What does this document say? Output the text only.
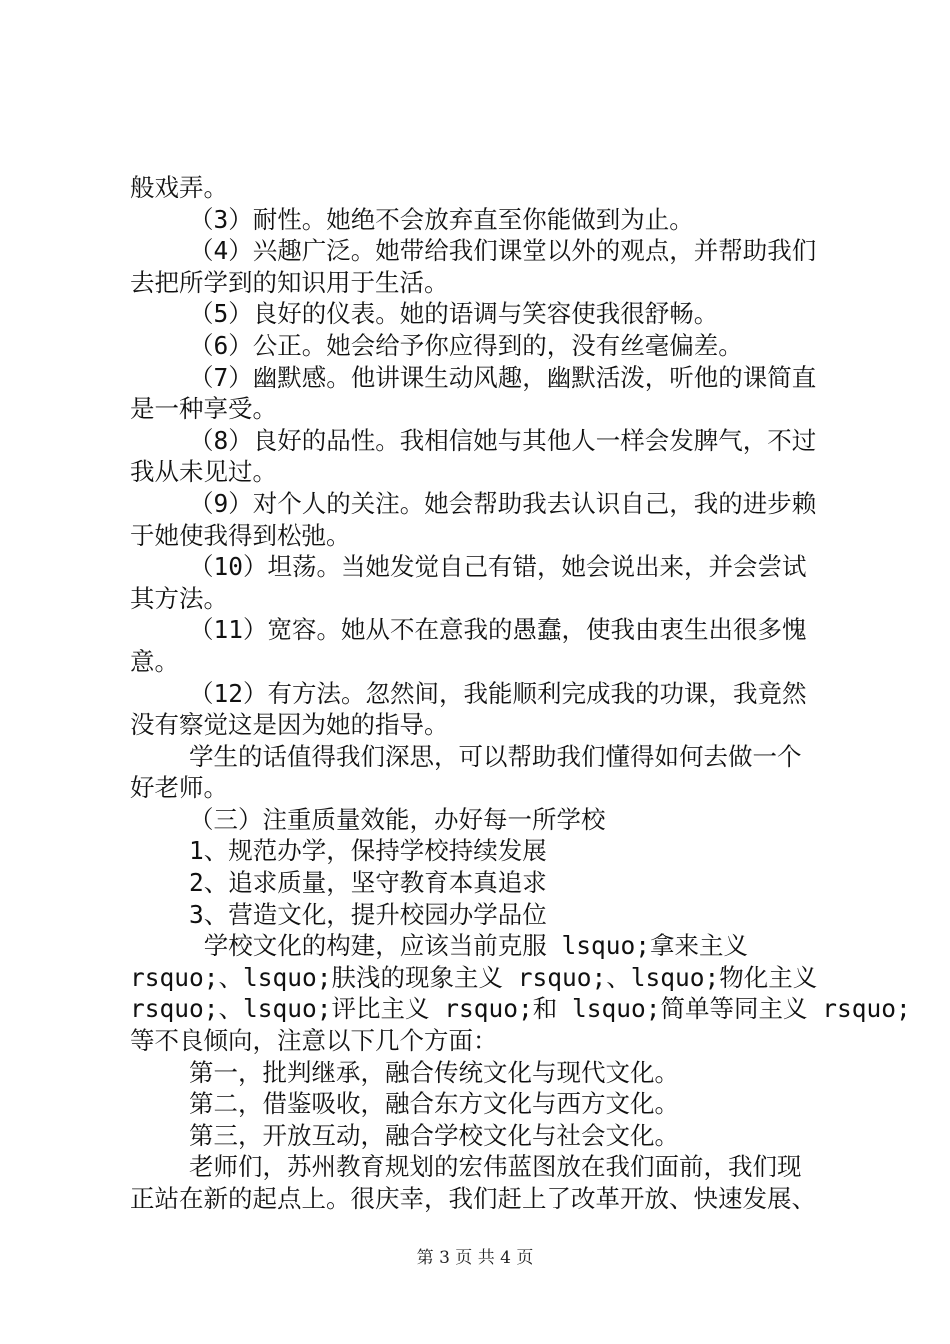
般戏弄。
（3）耐性。她绝不会放弃直至你能做到为止。
（4）兴趣广泛。她带给我们课堂以外的观点，并帮助我们
去把所学到的知识用于生活。
（5）良好的仪表。她的语调与笑容使我很舒畅。
（6）公正。她会给予你应得到的，没有丝毫偏差。
（7）幽默感。他讲课生动风趣，幽默活泼，听他的课简直
是一种享受。
（8）良好的品性。我相信她与其他人一样会发脾气，不过
我从未见过。
（9）对个人的关注。她会帮助我去认识自己，我的进步赖
于她使我得到松弛。
（10）坦荡。当她发觉自己有错，她会说出来，并会尝试
其方法。
（11）宽容。她从不在意我的愚蠢，使我由衷生出很多愧
意。
（12）有方法。忽然间，我能顺利完成我的功课，我竟然
没有察觉这是因为她的指导。
学生的话值得我们深思，可以帮助我们懂得如何去做一个
好老师。
（三）注重质量效能，办好每一所学校
1、规范办学，保持学校持续发展
2、追求质量，坚守教育本真追求
3、营造文化，提升校园办学品位
学校文化的构建，应该当前克服 lsquo;拿来主义
rsquo;、lsquo;肤浅的现象主义 rsquo;、lsquo;物化主义
rsquo;、lsquo;评比主义 rsquo;和 lsquo;简单等同主义 rsquo;
等不良倾向，注意以下几个方面：
第一，批判继承，融合传统文化与现代文化。
第二，借鉴吸收，融合东方文化与西方文化。
第三，开放互动，融合学校文化与社会文化。
老师们，苏州教育规划的宏伟蓝图放在我们面前，我们现
正站在新的起点上。很庆幸，我们赶上了改革开放、快速发展、
第 3 页 共 4 页
